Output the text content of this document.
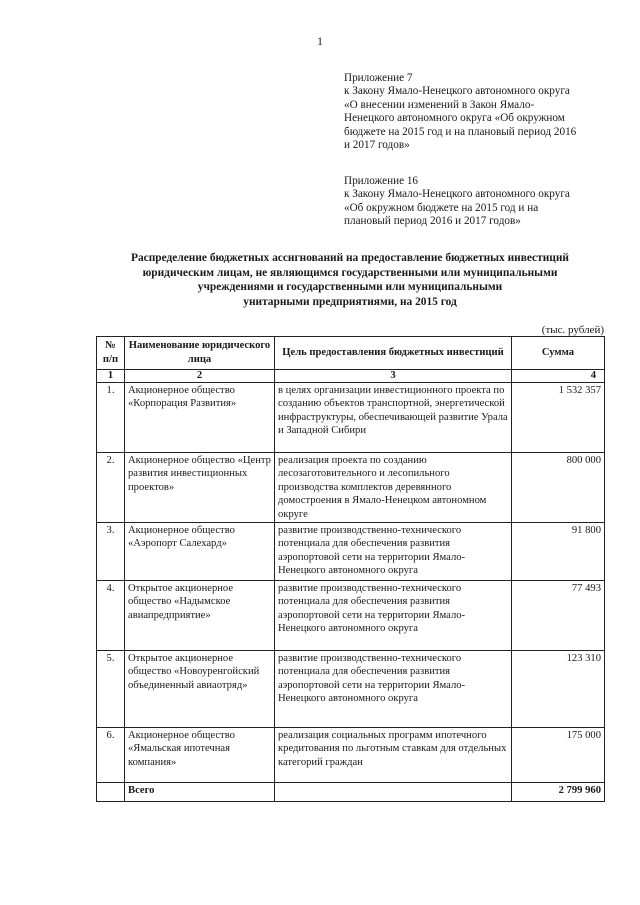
1
Приложение 7
к Закону Ямало-Ненецкого автономного округа
«О внесении изменений в Закон Ямало-
Ненецкого автономного округа «Об окружном
бюджете на 2015 год и на плановый период 2016
и 2017 годов»
Приложение 16
к Закону Ямало-Ненецкого автономного округа
«Об окружном бюджете на 2015 год и на
плановый период 2016 и 2017 годов»
Распределение бюджетных ассигнований на предоставление бюджетных инвестиций
юридическим лицам, не являющимся государственными или муниципальными
учреждениями и государственными или муниципальными
унитарными предприятиями, на 2015 год
(тыс. рублей)
№ п/п	Наименование юридического лица	Цель предоставления бюджетных инвестиций	Сумма
1	2	3	4
1.	Акционерное общество «Корпорация Развития»	в целях организации инвестиционного проекта по созданию объектов транспортной, энергетической инфраструктуры, обеспечивающей развитие Урала и Западной Сибири	1 532 357
2.	Акционерное общество «Центр развития инвестиционных проектов»	реализация проекта по созданию лесозаготовительного и лесопильного производства комплектов деревянного домостроения в Ямало-Ненецком автономном округе	800 000
3.	Акционерное общество «Аэропорт Салехард»	развитие производственно-технического потенциала для обеспечения развития аэропортовой сети на территории Ямало-Ненецкого автономного округа	91 800
4.	Открытое акционерное общество «Надымское авиапредприятие»	развитие производственно-технического потенциала для обеспечения развития аэропортовой сети на территории Ямало-Ненецкого автономного округа	77 493
5.	Открытое акционерное общество «Новоуренгойский объединенный авиаотряд»	развитие производственно-технического потенциала для обеспечения развития аэропортовой сети на территории Ямало-Ненецкого автономного округа	123 310
6.	Акционерное общество «Ямальская ипотечная компания»	реализация социальных программ ипотечного кредитования по льготным ставкам для отдельных категорий граждан	175 000
	Всего		2 799 960
